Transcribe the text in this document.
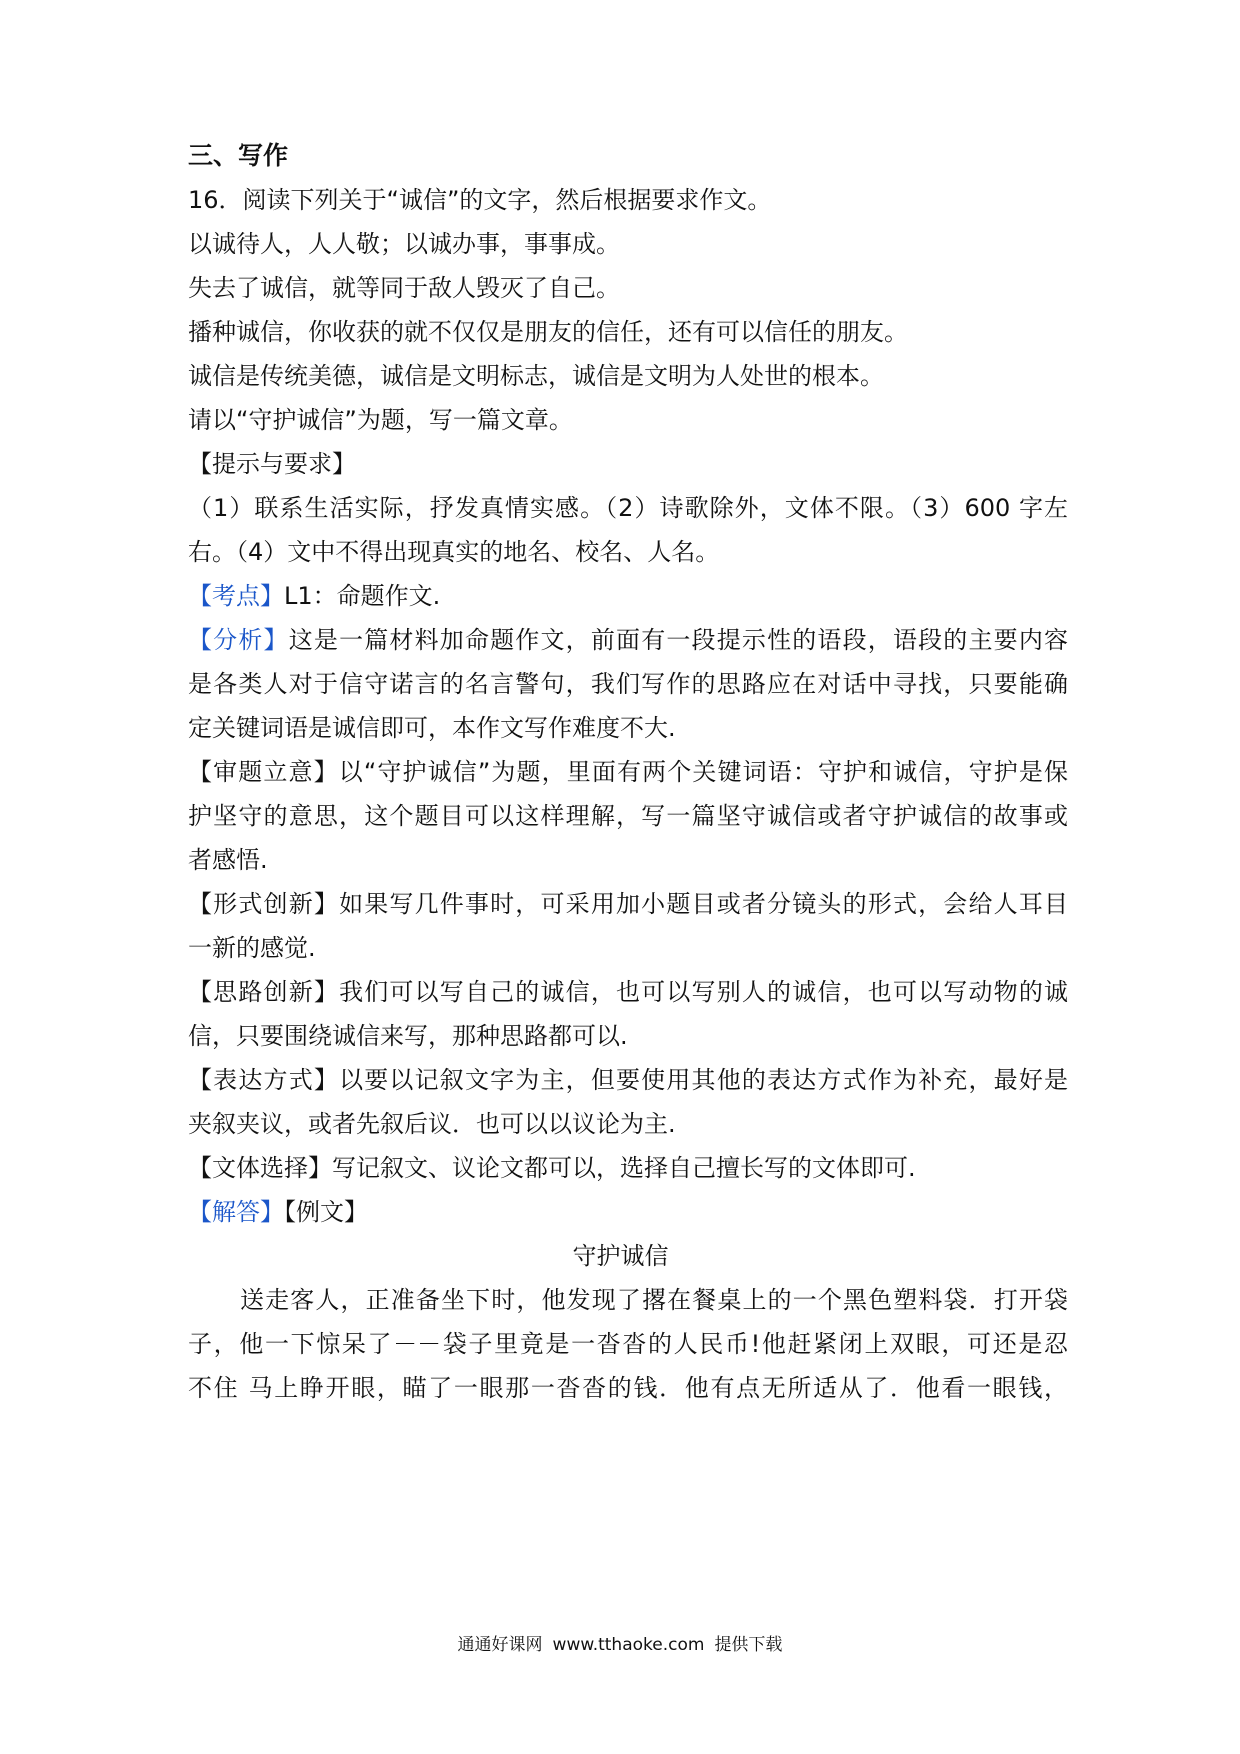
三、写作
16．阅读下列关于“诚信”的文字，然后根据要求作文。
以诚待人，人人敬；以诚办事，事事成。
失去了诚信，就等同于敌人毁灭了自己。
播种诚信，你收获的就不仅仅是朋友的信任，还有可以信任的朋友。
诚信是传统美德，诚信是文明标志，诚信是文明为人处世的根本。
请以“守护诚信”为题，写一篇文章。
【提示与要求】
（1）联系生活实际，抒发真情实感。（2）诗歌除外，文体不限。（3）600 字左
右。（4）文中不得出现真实的地名、校名、人名。
【考点】L1：命题作文.
【分析】这是一篇材料加命题作文，前面有一段提示性的语段，语段的主要内容
是各类人对于信守诺言的名言警句，我们写作的思路应在对话中寻找，只要能确
定关键词语是诚信即可，本作文写作难度不大.
【审题立意】以“守护诚信”为题，里面有两个关键词语：守护和诚信，守护是保
护坚守的意思，这个题目可以这样理解，写一篇坚守诚信或者守护诚信的故事或
者感悟.
【形式创新】如果写几件事时，可采用加小题目或者分镜头的形式，会给人耳目
一新的感觉.
【思路创新】我们可以写自己的诚信，也可以写别人的诚信，也可以写动物的诚
信，只要围绕诚信来写，那种思路都可以.
【表达方式】以要以记叙文字为主，但要使用其他的表达方式作为补充，最好是
夹叙夹议，或者先叙后议．也可以以议论为主.
【文体选择】写记叙文、议论文都可以，选择自己擅长写的文体即可.
【解答】【例文】
守护诚信
送走客人，正准备坐下时，他发现了撂在餐桌上的一个黑色塑料袋．打开袋
子，他一下惊呆了－－袋子里竟是一沓沓的人民币!他赶紧闭上双眼，可还是忍
不住 马上睁开眼，瞄了一眼那一沓沓的钱．他有点无所适从了．他看一眼钱，
通通好课网 www.tthaoke.com 提供下载
